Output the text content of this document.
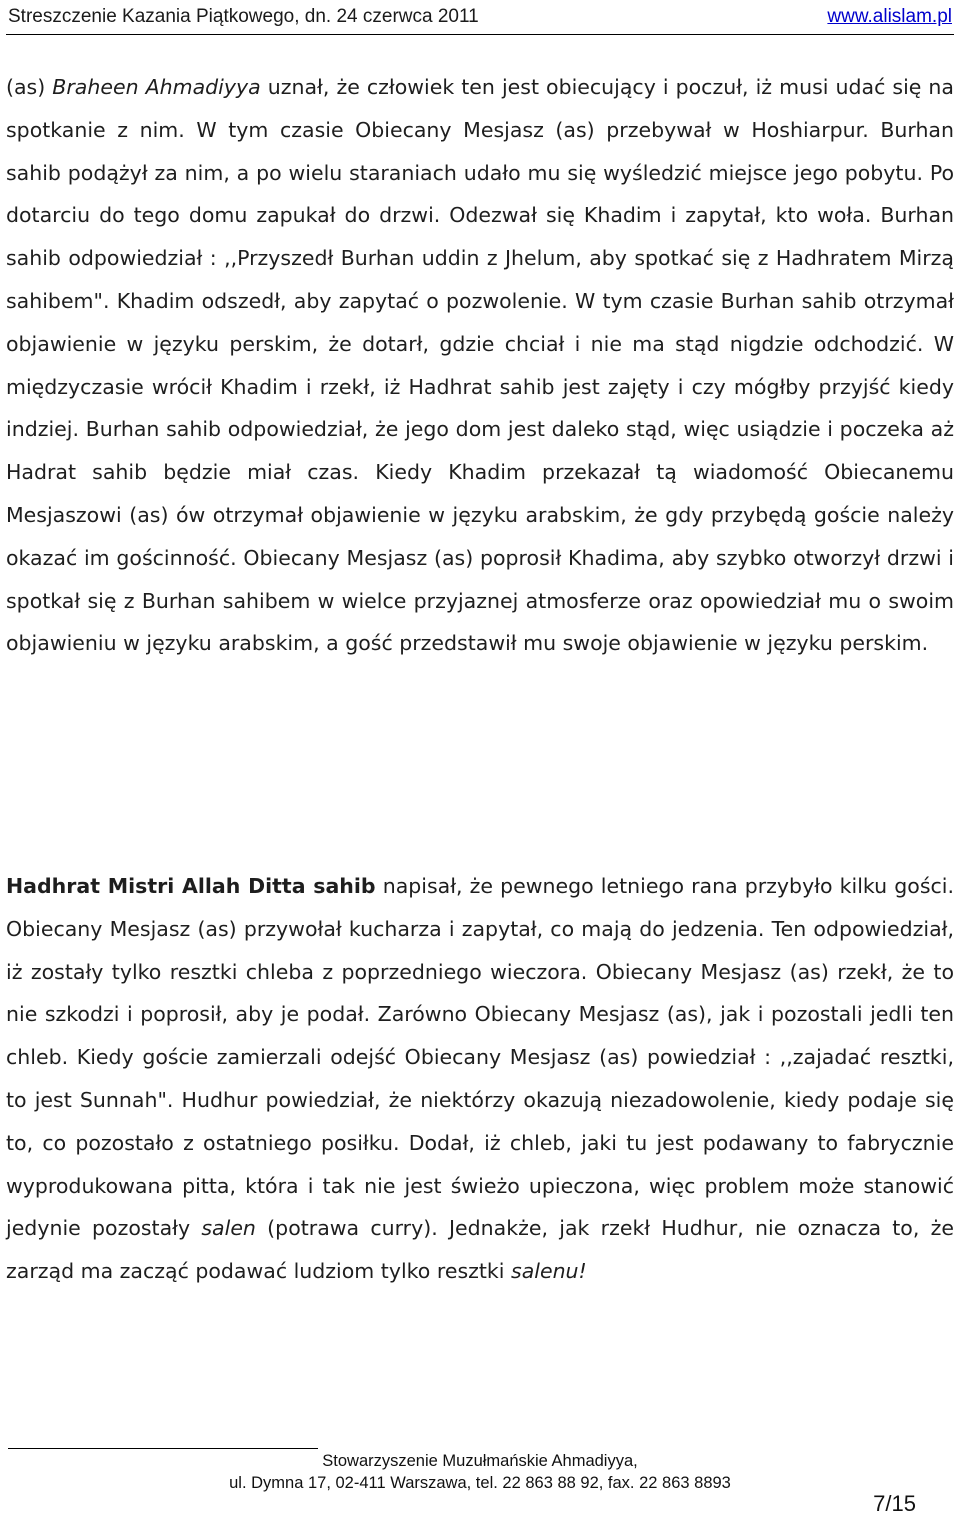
Streszczenie Kazania Piątkowego, dn. 24 czerwca 2011	www.alislam.pl

(as) Braheen Ahmadiyya uznał, że człowiek ten jest obiecujący i poczuł, iż musi udać się na spotkanie z nim. W tym czasie Obiecany Mesjasz (as) przebywał w Hoshiarpur. Burhan sahib podążył za nim, a po wielu staraniach udało mu się wyśledzić miejsce jego pobytu. Po dotarciu do tego domu zapukał do drzwi. Odezwał się Khadim i zapytał, kto woła. Burhan sahib odpowiedział : ,,Przyszedł Burhan uddin z Jhelum, aby spotkać się z Hadhratem Mirzą sahibem". Khadim odszedł, aby zapytać o pozwolenie. W tym czasie Burhan sahib otrzymał objawienie w języku perskim, że dotarł, gdzie chciał i nie ma stąd nigdzie odchodzić. W międzyczasie wrócił Khadim i rzekł, iż Hadhrat sahib jest zajęty i czy mógłby przyjść kiedy indziej. Burhan sahib odpowiedział, że jego dom jest daleko stąd, więc usiądzie i poczeka aż Hadrat sahib będzie miał czas. Kiedy Khadim przekazał tą wiadomość Obiecanemu Mesjaszowi (as) ów otrzymał objawienie w języku arabskim, że gdy przybędą goście należy okazać im gościnność. Obiecany Mesjasz (as) poprosił Khadima, aby szybko otworzył drzwi i spotkał się z Burhan sahibem w wielce przyjaznej atmosferze oraz opowiedział mu o swoim objawieniu w języku arabskim, a gość przedstawił mu swoje objawienie w języku perskim.

Hadhrat Mistri Allah Ditta sahib napisał, że pewnego letniego rana przybyło kilku gości. Obiecany Mesjasz (as) przywołał kucharza i zapytał, co mają do jedzenia. Ten odpowiedział, iż zostały tylko resztki chleba z poprzedniego wieczora. Obiecany Mesjasz (as) rzekł, że to nie szkodzi i poprosił, aby je podał. Zarówno Obiecany Mesjasz (as), jak i pozostali jedli ten chleb. Kiedy goście zamierzali odejść Obiecany Mesjasz (as) powiedział : ,,zajadać resztki, to jest Sunnah". Hudhur powiedział, że niektórzy okazują niezadowolenie, kiedy podaje się to, co pozostało z ostatniego posiłku. Dodał, iż chleb, jaki tu jest podawany to fabrycznie wyprodukowana pitta, która i tak nie jest świeżo upieczona, więc problem może stanowić jedynie pozostały salen (potrawa curry). Jednakże, jak rzekł Hudhur, nie oznacza to, że zarząd ma zacząć podawać ludziom tylko resztki salenu!

Stowarzyszenie Muzułmańskie Ahmadiyya,
ul. Dymna 17, 02-411 Warszawa, tel. 22 863 88 92, fax. 22 863 8893
7/15
